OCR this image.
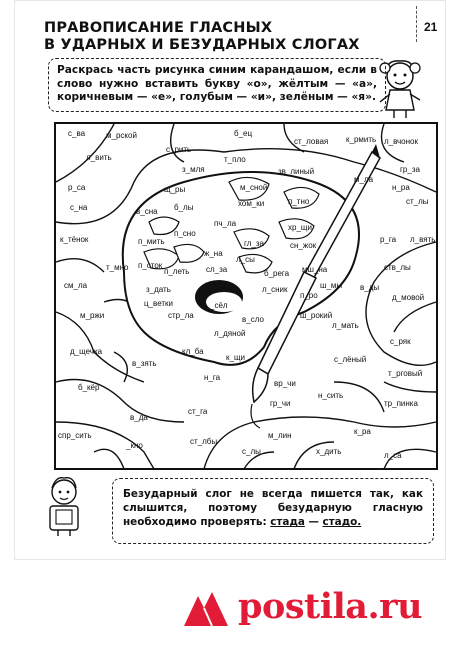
21
ПРАВОПИСАНИЕ ГЛАСНЫХ
В УДАРНЫХ И БЕЗУДАРНЫХ СЛОГАХ
Раскрась часть рисунка синим карандашом, если в слово нужно вставить букву «о», жёлтым — «а», коричневым — «е», голубым — «и», зелёным — «я».
с_ва	м_рской
с_рить
б_ец
ст_ловая к_рмить л_вчонок
л_вить	т_пло
з_мля	зв_линый
м_ла
гр_за
р_са	щ_ры	м_сной	н_ра
с_на	в_сна б_лы	хом_ки	п_тно	ст_лы
к_тёнок
пч_ла	хр_щи
п_мить
п_сно
гл_за	сн_жок
р_га л_вять
т_мно
ж_на
п_сток
л_сы
ств_лы
см_ла
п_леть сл_за	б_рега мш_на
в_ды
з_дать	л_сник
д_мовой
ц_ветки	_сёл
м_ржи	стр_ла	в_сло
п_ро
ш_мы
ш_рокий
л_мать
л_дяной
кл_ба
к_щи
с_ряк
д_щечка
в_зять	с_лёный
н_га
вр_чи
т_рговый
б_кёр
гр_чи
в_да
ст_га
н_сить
тр_пинка
спр_сить
_кно	ст_лбы
м_лин	к_ра
с_лы	х_дить	л_са
Безударный слог не всегда пишется так, как слышится, поэтому безударную гласную необходимо проверять: стада — стадо.
postila.ru
